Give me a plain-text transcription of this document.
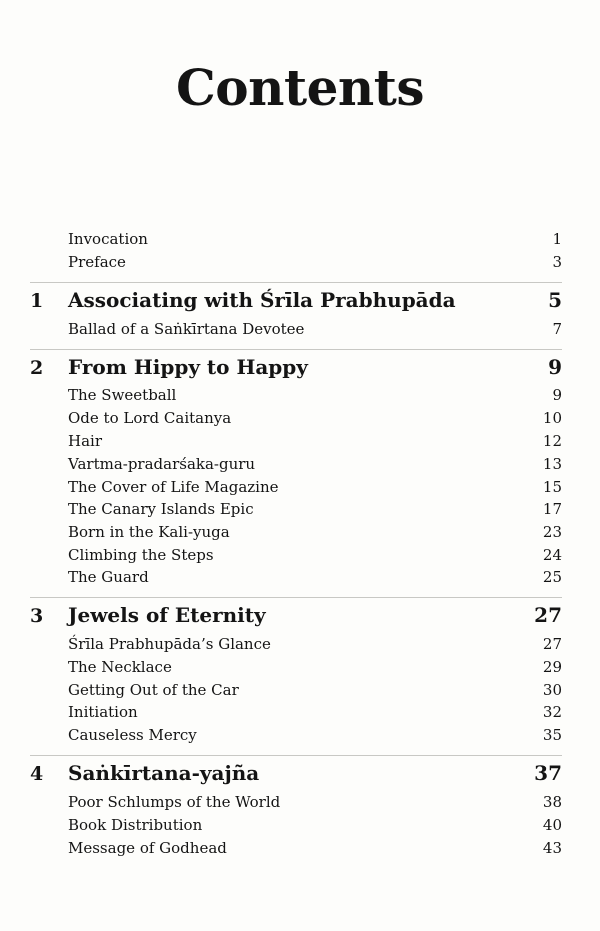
Contents
Invocation	1
Preface	3
1	Associating with Śrīla Prabhupāda	5
Ballad of a Saṅkīrtana Devotee	7
2	From Hippy to Happy	9
The Sweetball	9
Ode to Lord Caitanya	10
Hair	12
Vartma-pradarśaka-guru	13
The Cover of Life Magazine	15
The Canary Islands Epic	17
Born in the Kali-yuga	23
Climbing the Steps	24
The Guard	25
3	Jewels of Eternity	27
Śrīla Prabhupāda’s Glance	27
The Necklace	29
Getting Out of the Car	30
Initiation	32
Causeless Mercy	35
4	Saṅkīrtana-yajña	37
Poor Schlumps of the World	38
Book Distribution	40
Message of Godhead	43
